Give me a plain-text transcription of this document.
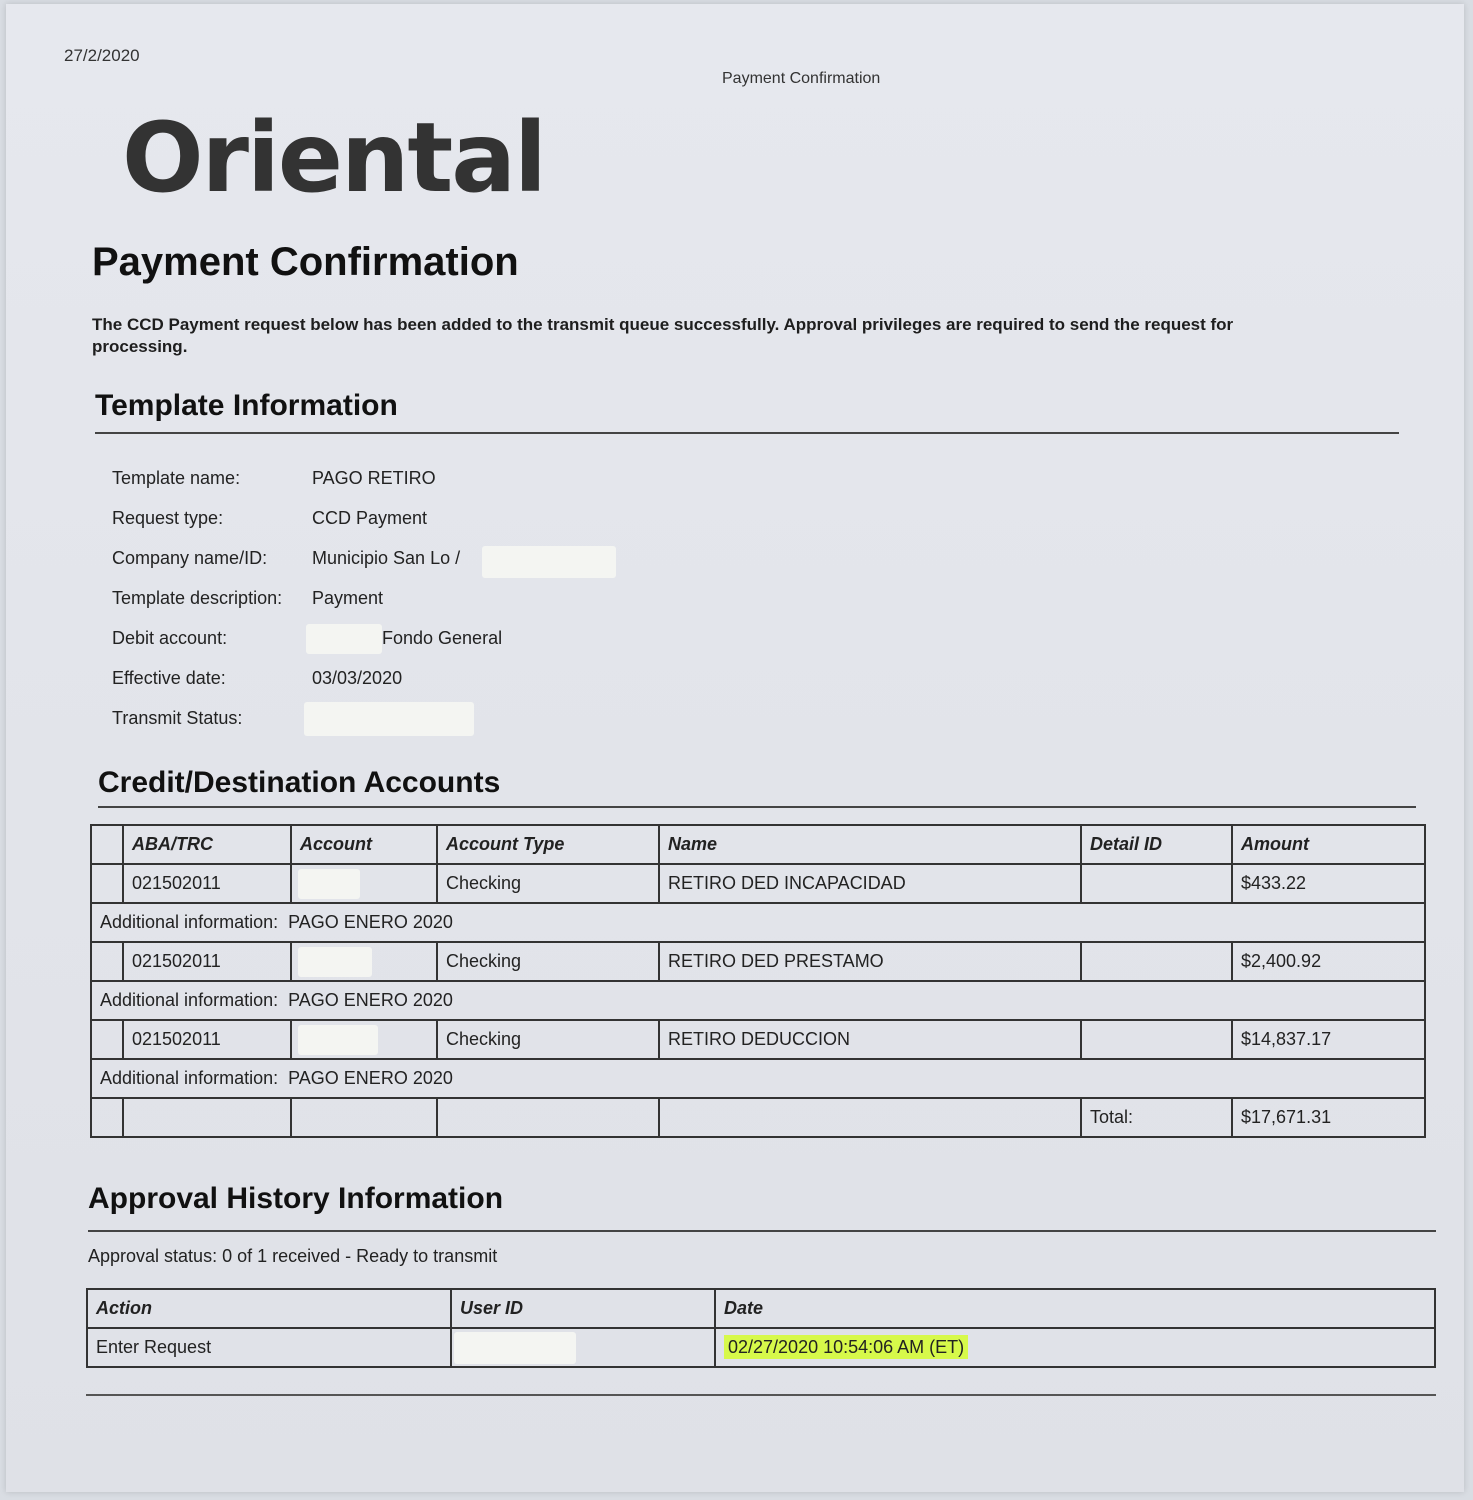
27/2/2020
Payment Confirmation
Oriental
Payment Confirmation
The CCD Payment request below has been added to the transmit queue successfully. Approval privileges are required to send the request for processing.
Template Information
Template name:	PAGO RETIRO
Request type:	CCD Payment
Company name/ID: Municipio San Lo /
Template description: Payment
Debit account:	Fondo General
Effective date:	03/03/2020
Transmit Status:
Credit/Destination Accounts
	ABA/TRC	Account	Account Type	Name	Detail ID	Amount
	021502011		Checking	RETIRO DED INCAPACIDAD		$433.22
Additional information: PAGO ENERO 2020						
	021502011		Checking	RETIRO DED PRESTAMO		$2,400.92
Additional information: PAGO ENERO 2020						
	021502011		Checking	RETIRO DEDUCCION		$14,837.17
Additional information: PAGO ENERO 2020						
					Total:	$17,671.31
Approval History Information
Approval status: 0 of 1 received - Ready to transmit
Action	User ID	Date
Enter Request		02/27/2020 10:54:06 AM (ET)
